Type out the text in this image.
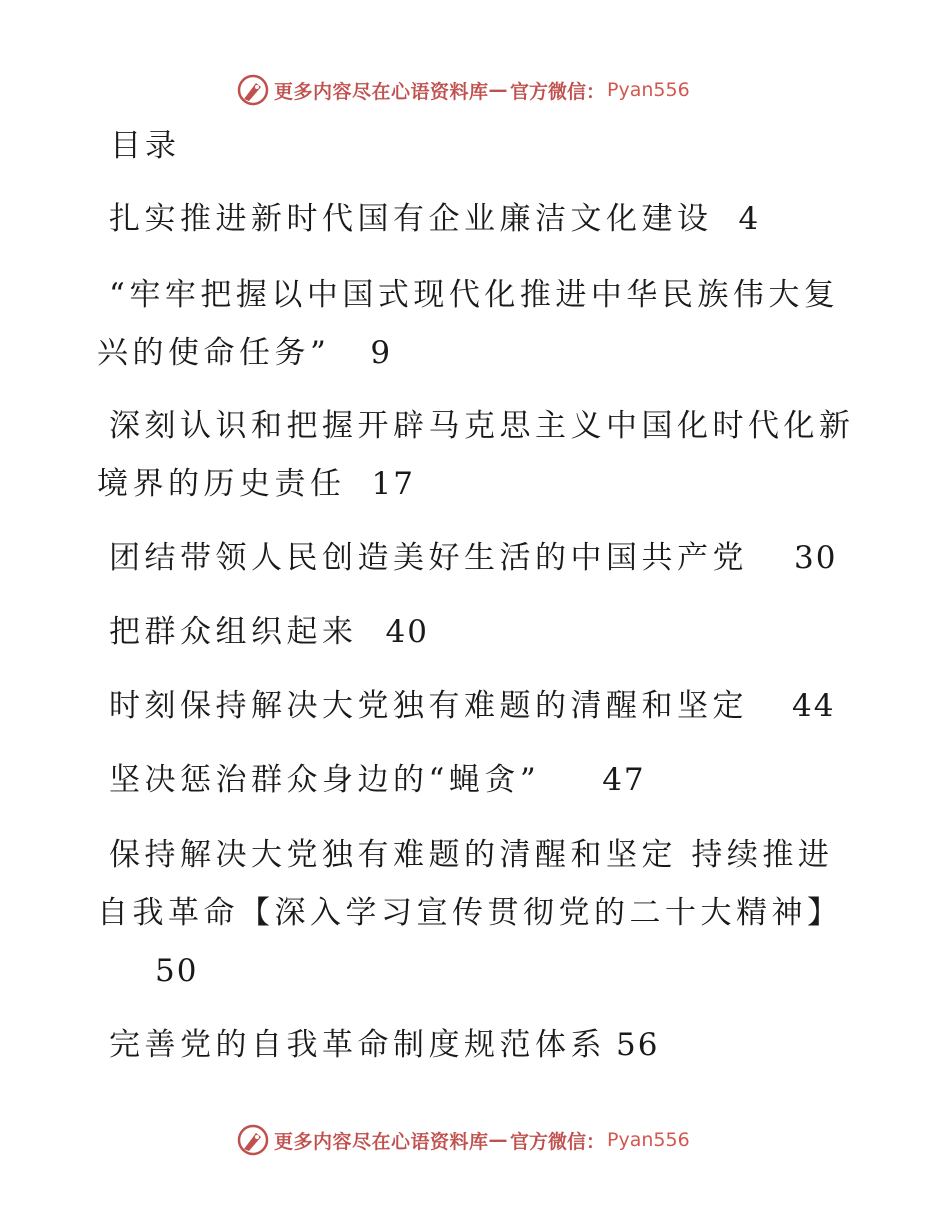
更多内容尽在心语资料库 — 官方微信： Pyan556
目录
扎实推进新时代国有企业廉洁文化建设 4
“牢牢把握以中国式现代化推进中华民族伟大复兴的使命任务” 9
深刻认识和把握开辟马克思主义中国化时代化新境界的历史责任 17
团结带领人民创造美好生活的中国共产党 30
把群众组织起来 40
时刻保持解决大党独有难题的清醒和坚定 44
坚决惩治群众身边的“蝇贪” 47
保持解决大党独有难题的清醒和坚定 持续推进自我革命【深入学习宣传贯彻党的二十大精神】
50
完善党的自我革命制度规范体系 56
更多内容尽在心语资料库 — 官方微信： Pyan556
